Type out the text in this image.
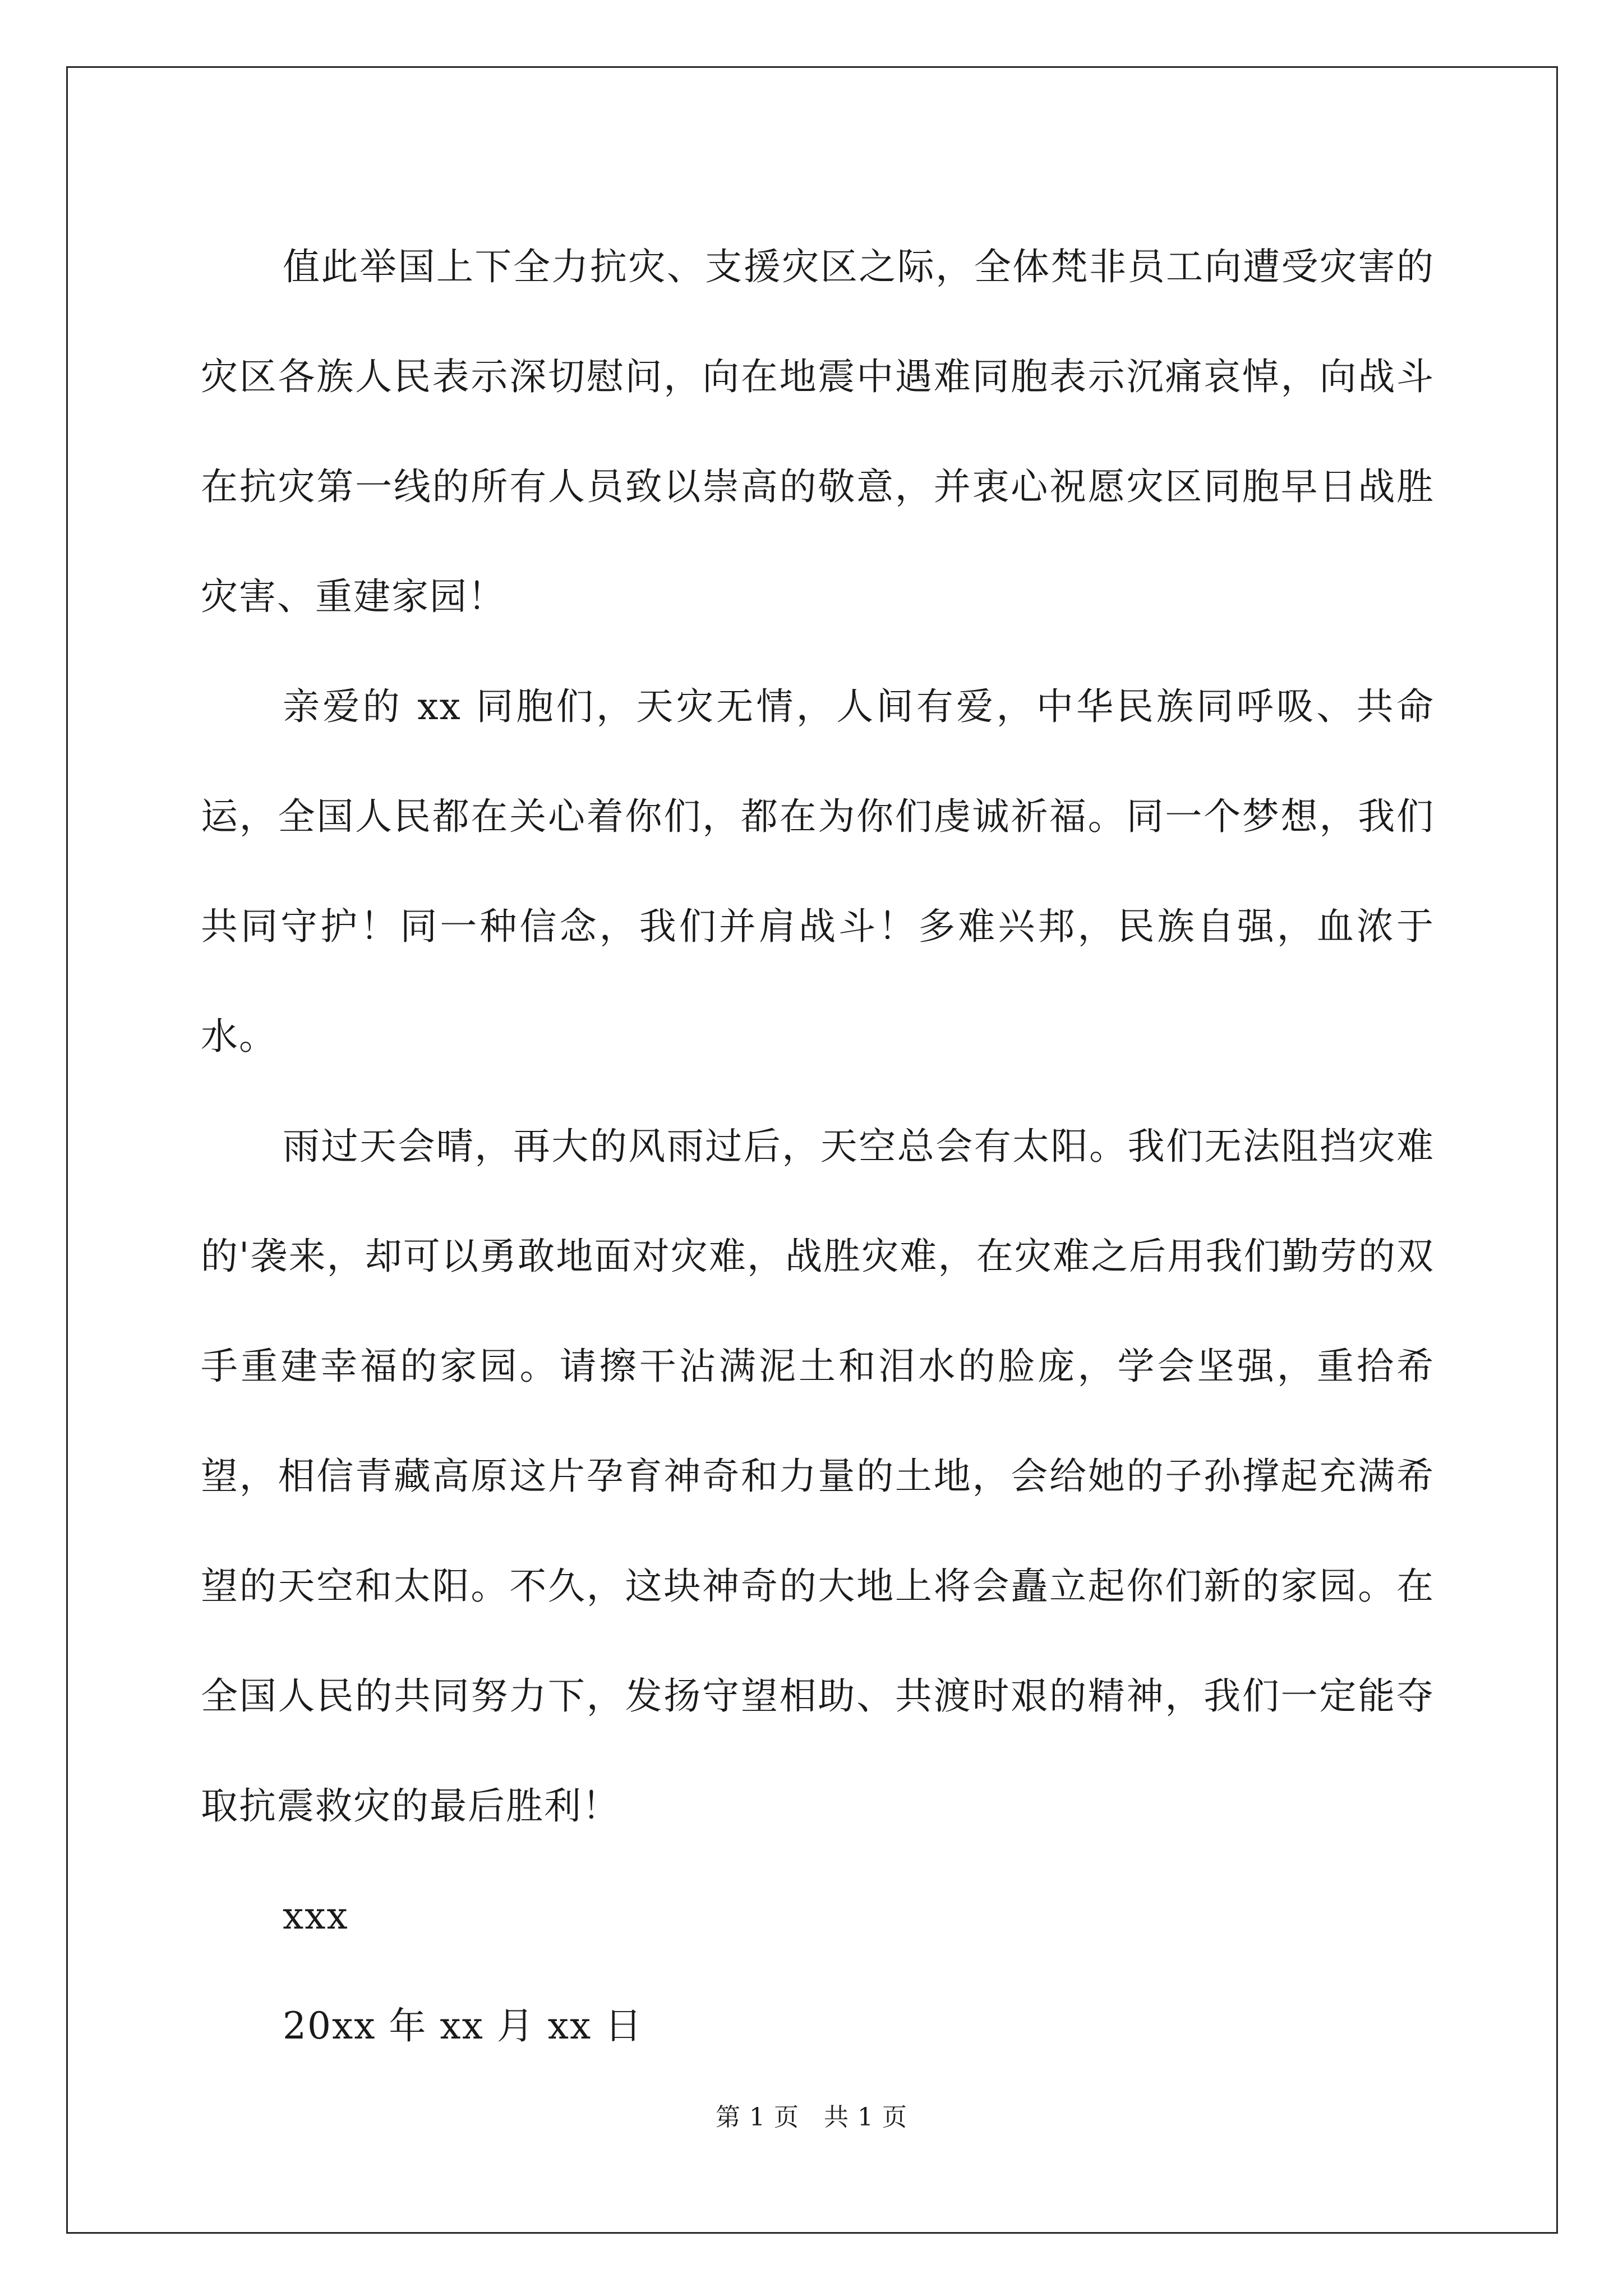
值此举国上下全力抗灾、支援灾区之际，全体梵非员工向遭受灾害的灾区各族人民表示深切慰问，向在地震中遇难同胞表示沉痛哀悼，向战斗在抗灾第一线的所有人员致以崇高的敬意，并衷心祝愿灾区同胞早日战胜灾害、重建家园！

亲爱的 xx 同胞们，天灾无情，人间有爱，中华民族同呼吸、共命运，全国人民都在关心着你们，都在为你们虔诚祈福。同一个梦想，我们共同守护！同一种信念，我们并肩战斗！多难兴邦，民族自强，血浓于水。

雨过天会晴，再大的风雨过后，天空总会有太阳。我们无法阻挡灾难的'袭来，却可以勇敢地面对灾难，战胜灾难，在灾难之后用我们勤劳的双手重建幸福的家园。请擦干沾满泥土和泪水的脸庞，学会坚强，重拾希望，相信青藏高原这片孕育神奇和力量的土地，会给她的子孙撑起充满希望的天空和太阳。不久，这块神奇的大地上将会矗立起你们新的家园。在全国人民的共同努力下，发扬守望相助、共渡时艰的精神，我们一定能夺取抗震救灾的最后胜利！

xxx

20xx 年 xx 月 xx 日

第 1 页 共 1 页
